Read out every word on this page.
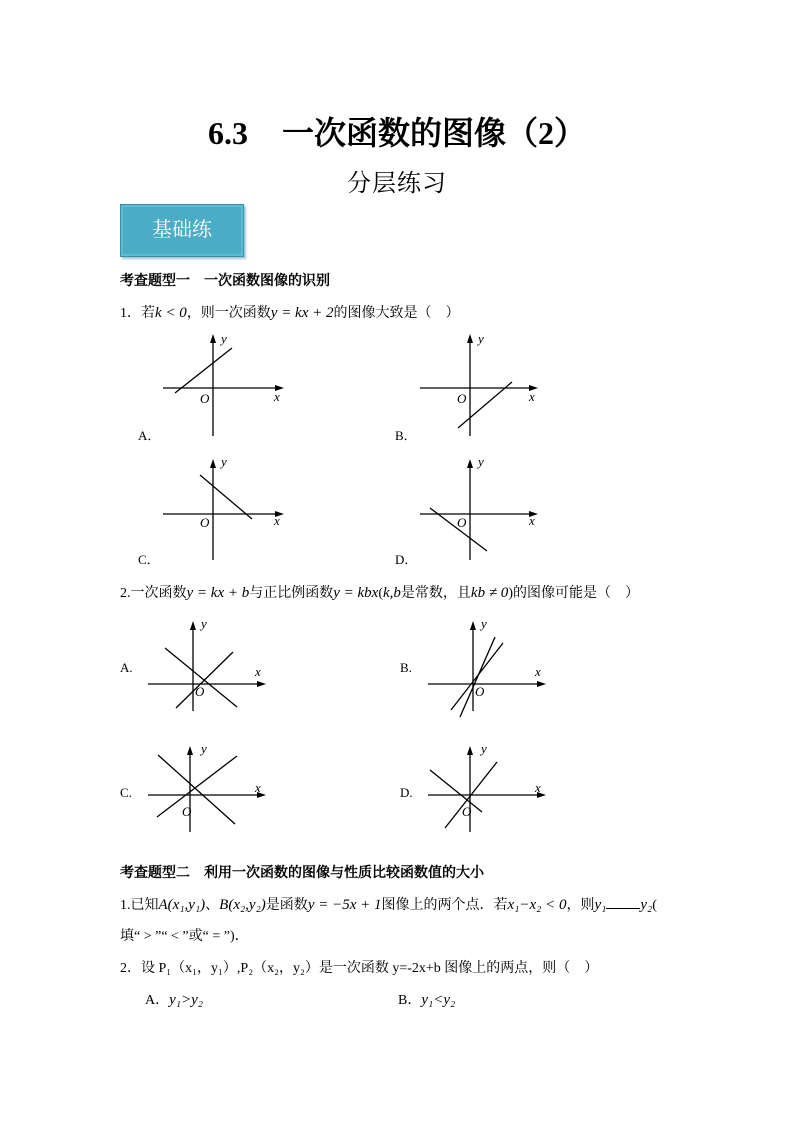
6.3 一次函数的图像（2）
分层练习
基础练
考查题型一　一次函数图像的识别
1．若k < 0，则一次函数y = kx + 2的图像大致是（　）
y
x
O
A．
y
x
O
B．
y
x
O
C．
y
x
O
D．
2.一次函数y = kx + b与正比例函数y = kbx(k,b是常数，且kb ≠ 0)的图像可能是（　）
A.
y
x
O
B.
y
x
O
C.
y
x
O
D.
y
x
O
考查题型二　利用一次函数的图像与性质比较函数值的大小
1.已知A(x₁,y₁)、B(x₂,y₂)是函数y = −5x + 1图像上的两个点．若x₁−x₂ < 0，则y₁ y₂(
填“ > ”“ < ”或“ = ”)．
2．设 P₁（x₁，y₁）,P₂（x₂，y₂）是一次函数 y=-2x+b 图像上的两点，则（　）
A．y₁>y₂	B．y₁<y₂
